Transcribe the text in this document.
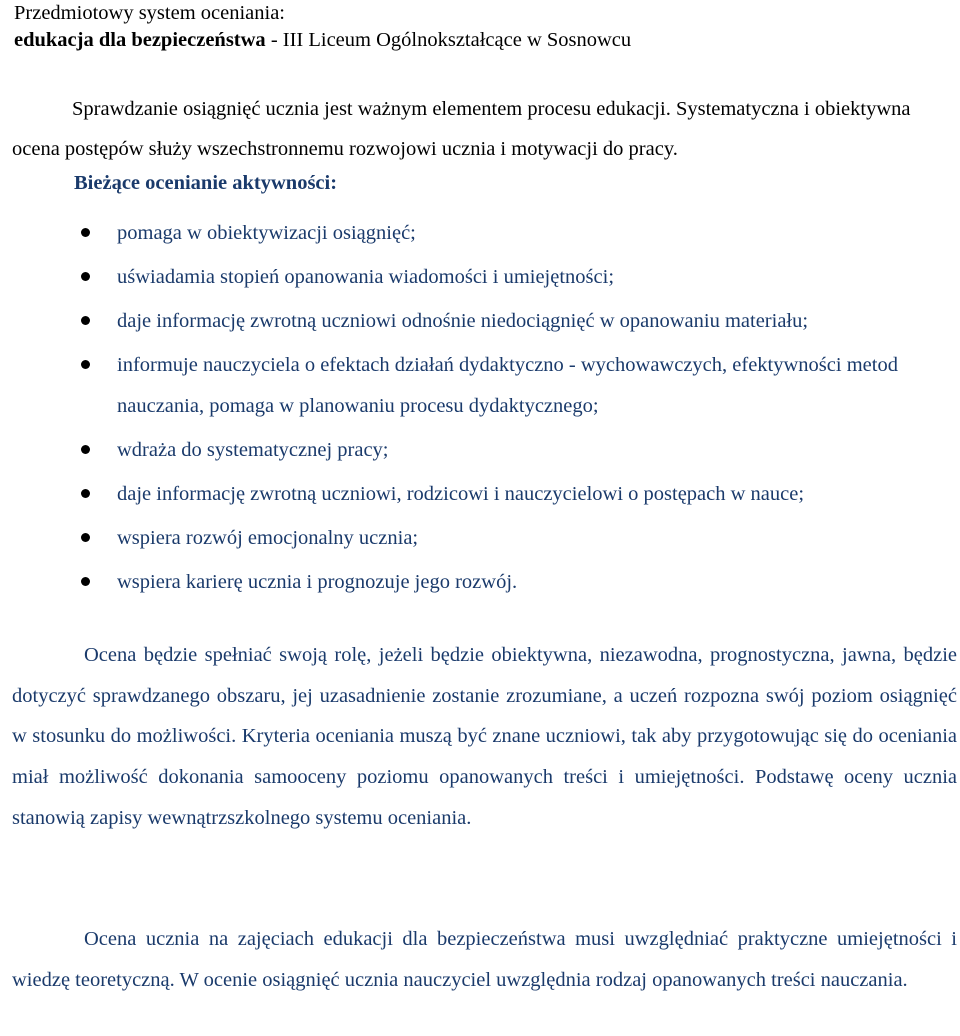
Przedmiotowy system oceniania:
edukacja dla bezpieczeństwa - III Liceum Ogólnokształcące w Sosnowcu

Sprawdzanie osiągnięć ucznia jest ważnym elementem procesu edukacji. Systematyczna i obiektywna ocena postępów służy wszechstronnemu rozwojowi ucznia i motywacji do pracy.

Bieżące ocenianie aktywności:

pomaga w obiektywizacji osiągnięć;
uświadamia stopień opanowania wiadomości i umiejętności;
daje informację zwrotną uczniowi odnośnie niedociągnięć w opanowaniu materiału;
informuje nauczyciela o efektach działań dydaktyczno - wychowawczych, efektywności metod nauczania, pomaga w planowaniu procesu dydaktycznego;
wdraża do systematycznej pracy;
daje informację zwrotną uczniowi, rodzicowi i nauczycielowi o postępach w nauce;
wspiera rozwój emocjonalny ucznia;
wspiera karierę ucznia i prognozuje jego rozwój.

Ocena będzie spełniać swoją rolę, jeżeli będzie obiektywna, niezawodna, prognostyczna, jawna, będzie dotyczyć sprawdzanego obszaru, jej uzasadnienie zostanie zrozumiane, a uczeń rozpozna swój poziom osiągnięć w stosunku do możliwości. Kryteria oceniania muszą być znane uczniowi, tak aby przygotowując się do oceniania miał możliwość dokonania samooceny poziomu opanowanych treści i umiejętności. Podstawę oceny ucznia stanowią zapisy wewnątrzszkolnego systemu oceniania.

Ocena ucznia na zajęciach edukacji dla bezpieczeństwa musi uwzględniać praktyczne umiejętności i wiedzę teoretyczną. W ocenie osiągnięć ucznia nauczyciel uwzględnia rodzaj opanowanych treści nauczania.
